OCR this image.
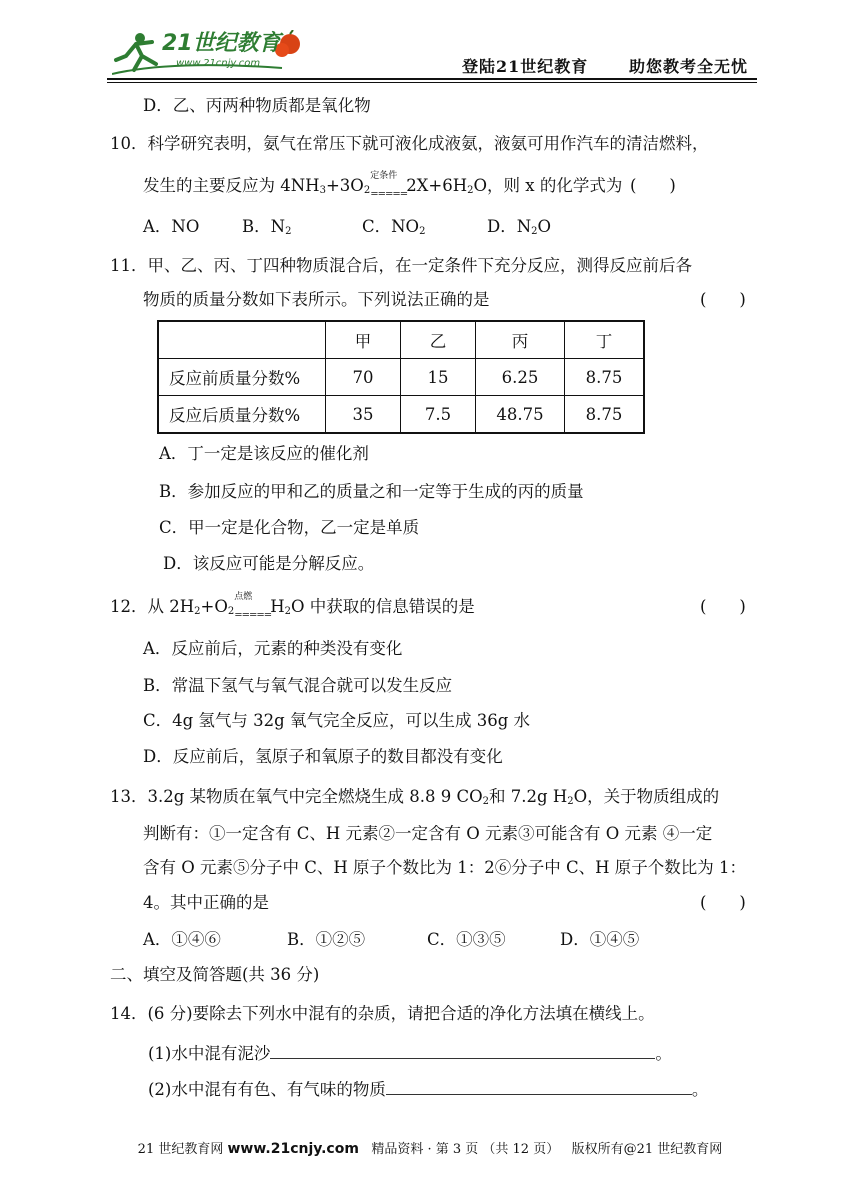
21世纪教育
www.21cnjy.com	登陆21世纪教育	助您教考全无忧
D．乙、丙两种物质都是氧化物
10．科学研究表明，氨气在常压下就可液化成液氨，液氨可用作汽车的清洁燃料，
发生的主要反应为 $4NH_3+3O_2$
定条件
===== $2X+6H_2O$，则 x 的化学式为 (　　)
A．NO	B．$N_2$	C．$NO_2$	D．$N_2O$
11．甲、乙、丙、丁四种物质混合后，在一定条件下充分反应，测得反应前后各
物质的质量分数如下表所示。下列说法正确的是	(　　)
	甲	乙	丙	丁
反应前质量分数%	70	15	6.25	8.75
反应后质量分数%	35	7.5	48.75	8.75
A．丁一定是该反应的催化剂
B．参加反应的甲和乙的质量之和一定等于生成的丙的质量
C．甲一定是化合物，乙一定是单质
D．该反应可能是分解反应。
12．从 $2H_2+O_2$
点燃
===== $H_2O$ 中获取的信息错误的是	(　　)
A．反应前后，元素的种类没有变化
B．常温下氢气与氧气混合就可以发生反应
C．4g 氢气与 32g 氧气完全反应，可以生成 36g 水
D．反应前后，氢原子和氧原子的数目都没有变化
13．3.2g 某物质在氧气中完全燃烧生成 8.8 9 $CO_2$和 7.2g $H_2O$，关于物质组成的
判断有：①一定含有 C、H 元素②一定含有 O 元素③可能含有 O 元素 ④一定
含有 O 元素⑤分子中 C、H 原子个数比为 1：2⑥分子中 C、H 原子个数比为 1：
4。其中正确的是	(　　)
A．①④⑥	B．①②⑤	C．①③⑤	D．①④⑤
二、填空及简答题(共 36 分)
14．(6 分)要除去下列水中混有的杂质，请把合适的净化方法填在横线上。
(1)水中混有泥沙	。
(2)水中混有有色、有气味的物质	。
21 世纪教育网 www.21cnjy.com 精品资料 · 第 3 页 （共 12 页） 版权所有@21 世纪教育网
